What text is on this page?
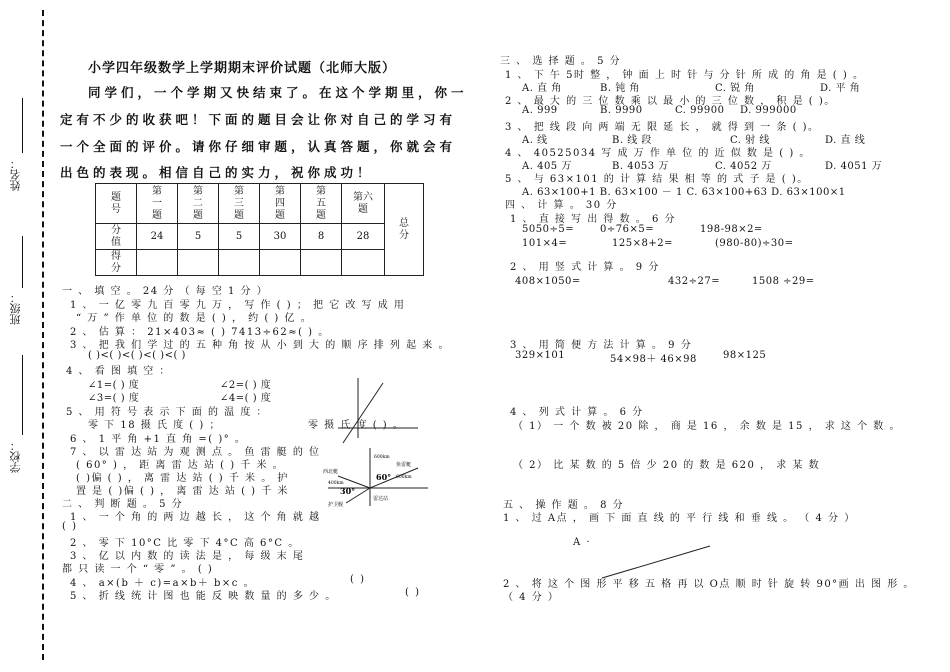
姓名：
班级：
学校：
小学四年级数学上学期期末评价试题（北师大版）
同学们，一个学期又快结束了。在这个学期里，你一
定有不少的收获吧！下面的题目会让你对自己的学习有
一个全面的评价。请你仔细审题，认真答题，你就会有
出色的表现。相信自己的实力，祝你成功！
题号	第一题	第二题	第三题	第四题	第五题	第六题	总分
分值	24	5	5	30	8	28	
得分							
一 、 填 空 。 24 分 （ 每 空 1 分 ）
1 、 一 亿 零 九 百 零 九 万 ， 写 作 ( ) ； 把 它 改 写 成 用
“ 万 ” 作 单 位 的 数 是 ( ) ， 约 ( ) 亿 。
2 、 估 算 ： 21×403≈ ( ) 7413÷62≈( ) 。
3 、 把 我 们 学 过 的 五 种 角 按 从 小 到 大 的 顺 序 排 列 起 来 。
( )<( )<( )<( )<( )
4 、 看 图 填 空 ：
∠1=( ) 度	∠2=( ) 度
∠3=( ) 度	∠4=( ) 度
5 、 用 符 号 表 示 下 面 的 温 度 ：
零 下 18 摄 氏 度 ( ) ；	零 摄 氏 度 ( ) 。
6 、 1 平 角 +1 直 角 =( )° 。
7 、 以 雷 达 站 为 观 测 点 。 鱼 雷 艇 的 位
( 60° ) ， 距 离 雷 达 站 ( ) 千 米 。
( )偏 ( ) ， 离 雷 达 站 ( ) 千 米 。 护
置 是 ( )偏 ( ) ， 离 雷 达 站 ( ) 千 米
二 、 判 断 题 。 5 分
1 、 一 个 角 的 两 边 越 长 ， 这 个 角 就 越
( )
2 、 零 下 10°C 比 零 下 4°C 高 6°C 。
3 、 亿 以 内 数 的 读 法 是 ， 每 级 末 尾
都 只 读 一 个 “ 零 ” 。 ( )
4 、 a×(b ＋ c)=a×b＋ b×c 。	( )
5 、 折 线 统 计 图 也 能 反 映 数 量 的 多 少 。	( )
鱼雷艇
西北艇
护卫舰
雷达站
60°
30°
600km
400km
600km
三 、 选 择 题 。 5 分
1 、 下 午 5时 整 ， 钟 面 上 时 针 与 分 针 所 成 的 角 是 ( ) 。
A. 直 角	B. 钝 角	C. 锐 角	D. 平 角
2 、 最 大 的 三 位 数 乘 以 最 小 的 三 位 数 ， 积 是 ( )。
A. 999	B. 9990	C. 99900 D. 999000
3 、 把 线 段 向 两 端 无 限 延 长 ， 就 得 到 一 条 ( )。
A. 线	B. 线 段	C. 射 线	D. 直 线
4 、 40525034 写 成 万 作 单 位 的 近 似 数 是 ( ) 。
A. 405 万	B. 4053 万	C. 4052 万	D. 4051 万
5 、 与 63×101 的 计 算 结 果 相 等 的 式 子 是 ( )。
A. 63×100+1 B. 63×100 － 1 C. 63×100+63 D. 63×100×1
四 、 计 算 。 30 分
1 、 直 接 写 出 得 数 。 6 分
5050÷5=	0÷76×5=	198-98×2=
101×4=	125×8+2=	(980-80)÷30=
2 、 用 竖 式 计 算 。 9 分
408×1050=	432÷27=	1508 ÷29=
3 、 用 简 便 方 法 计 算 。 9 分
329×101	54×98＋ 46×98	98×125
4 、 列 式 计 算 。 6 分
（ 1） 一 个 数 被 20 除 ， 商 是 16 ， 余 数 是 15 ， 求 这 个 数 。
（ 2） 比 某 数 的 5 倍 少 20 的 数 是 620 ， 求 某 数
五 、 操 作 题 。 8 分
1 、 过 A点 ， 画 下 面 直 线 的 平 行 线 和 垂 线 。 （ 4 分 ）
A ·
2 、 将 这 个 图 形 平 移 五 格 再 以 O点 顺 时 针 旋 转 90°画 出 图 形 。
（ 4 分 ）
